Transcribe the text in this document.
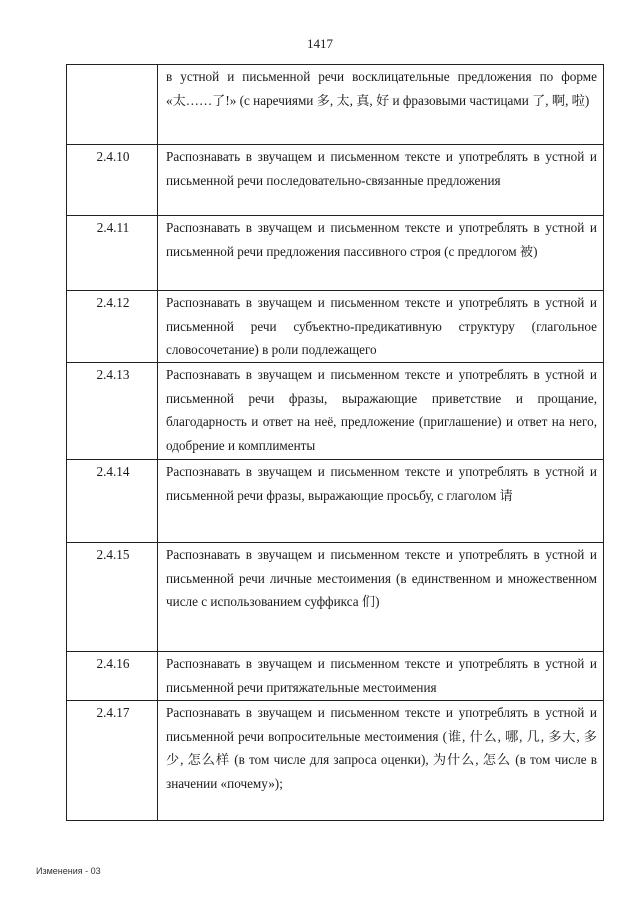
1417
	в устной и письменной речи восклицательные предложения по форме «太……了!» (с наречиями 多, 太, 真, 好 и фразовыми частицами 了, 啊, 啦)
2.4.10	Распознавать в звучащем и письменном тексте и употреблять в устной и письменной речи последовательно-связанные предложения
2.4.11	Распознавать в звучащем и письменном тексте и употреблять в устной и письменной речи предложения пассивного строя (с предлогом 被)
2.4.12	Распознавать в звучащем и письменном тексте и употреблять в устной и письменной речи субъектно-предикативную структуру (глагольное словосочетание) в роли подлежащего
2.4.13	Распознавать в звучащем и письменном тексте и употреблять в устной и письменной речи фразы, выражающие приветствие и прощание, благодарность и ответ на неё, предложение (приглашение) и ответ на него, одобрение и комплименты
2.4.14	Распознавать в звучащем и письменном тексте и употреблять в устной и письменной речи фразы, выражающие просьбу, с глаголом 请
2.4.15	Распознавать в звучащем и письменном тексте и употреблять в устной и письменной речи личные местоимения (в единственном и множественном числе с использованием суффикса 们)
2.4.16	Распознавать в звучащем и письменном тексте и употреблять в устной и письменной речи притяжательные местоимения
2.4.17	Распознавать в звучащем и письменном тексте и употреблять в устной и письменной речи вопросительные местоимения (谁, 什么, 哪, 几, 多大, 多少, 怎么样 (в том числе для запроса оценки), 为什么, 怎么 (в том числе в значении «почему»);
Изменения - 03
